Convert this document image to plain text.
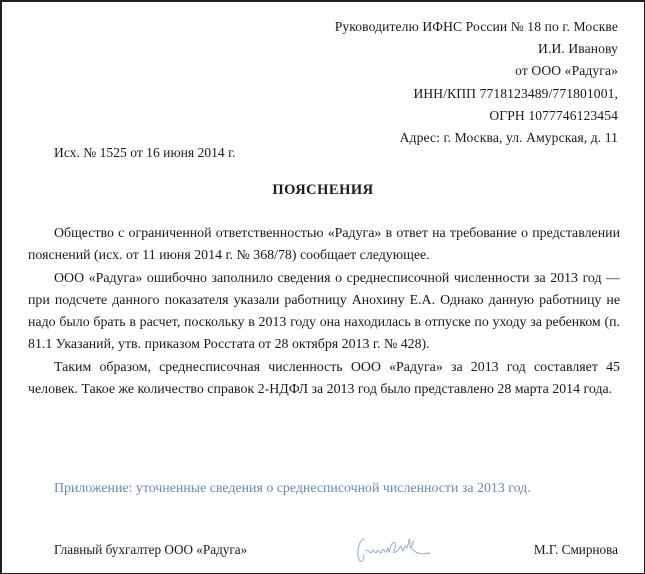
Руководителю ИФНС России № 18 по г. Москве
И.И. Иванову
от ООО «Радуга»
ИНН/КПП 7718123489/771801001,
ОГРН 1077746123454
Адрес: г. Москва, ул. Амурская, д. 11
Исх. № 1525 от 16 июня 2014 г.
ПОЯСНЕНИЯ

Общество с ограниченной ответственностью «Радуга» в ответ на требование о представлении пояснений (исх. от 11 июня 2014 г. № 368/78) сообщает следующее.

ООО «Радуга» ошибочно заполнило сведения о среднесписочной численности за 2013 год — при подсчете данного показателя указали работницу Анохину Е.А. Однако данную работницу не надо было брать в расчет, поскольку в 2013 году она находилась в отпуске по уходу за ребенком (п. 81.1 Указаний, утв. приказом Росстата от 28 октября 2013 г. № 428).

Таким образом, среднесписочная численность ООО «Радуга» за 2013 год составляет 45 человек. Такое же количество справок 2-НДФЛ за 2013 год было представлено 28 марта 2014 года.

Приложение: уточненные сведения о среднесписочной численности за 2013 год.

Главный бухгалтер ООО «Радуга»	М.Г. Смирнова
